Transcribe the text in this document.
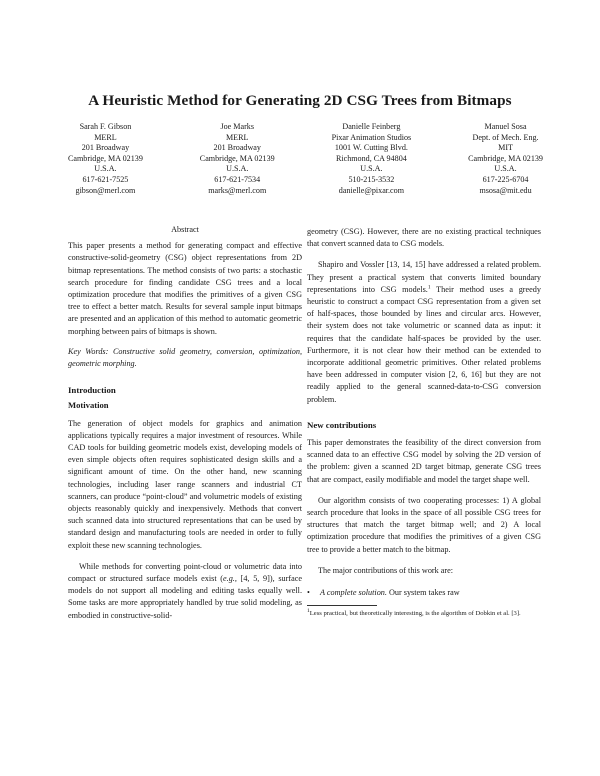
A Heuristic Method for Generating 2D CSG Trees from Bitmaps
Sarah F. Gibson
MERL
201 Broadway
Cambridge, MA 02139
U.S.A.
617-621-7525
gibson@merl.com
Joe Marks
MERL
201 Broadway
Cambridge, MA 02139
U.S.A.
617-621-7534
marks@merl.com
Danielle Feinberg
Pixar Animation Studios
1001 W. Cutting Blvd.
Richmond, CA 94804
U.S.A.
510-215-3532
danielle@pixar.com
Manuel Sosa
Dept. of Mech. Eng.
MIT
Cambridge, MA 02139
U.S.A.
617-225-6704
msosa@mit.edu
Abstract

This paper presents a method for generating compact and effective constructive-solid-geometry (CSG) object representations from 2D bitmap representations. The method consists of two parts: a stochastic search procedure for finding candidate CSG trees and a local optimization procedure that modifies the primitives of a given CSG tree to effect a better match. Results for several sample input bitmaps are presented and an application of this method to automatic geometric morphing between pairs of bitmaps is shown.

Key Words: Constructive solid geometry, conversion, optimization, geometric morphing.

Introduction
Motivation

The generation of object models for graphics and animation applications typically requires a major investment of resources. While CAD tools for building geometric models exist, developing models of even simple objects often requires sophisticated design skills and a significant amount of time. On the other hand, new scanning technologies, including laser range scanners and industrial CT scanners, can produce “point-cloud” and volumetric models of existing objects reasonably quickly and inexpensively. Methods that convert such scanned data into structured representations that can be used by standard design and manufacturing tools are needed in order to fully exploit these new scanning technologies.

While methods for converting point-cloud or volumetric data into compact or structured surface models exist (e.g., [4, 5, 9]), surface models do not support all modeling and editing tasks equally well. Some tasks are more appropriately handled by true solid modeling, as embodied in constructive-solid-

geometry (CSG). However, there are no existing practical techniques that convert scanned data to CSG models.

Shapiro and Vossler [13, 14, 15] have addressed a related problem. They present a practical system that converts limited boundary representations into CSG models.$^1$ Their method uses a greedy heuristic to construct a compact CSG representation from a given set of half-spaces, those bounded by lines and circular arcs. However, their system does not take volumetric or scanned data as input: it requires that the candidate half-spaces be provided by the user. Furthermore, it is not clear how their method can be extended to incorporate additional geometric primitives. Other related problems have been addressed in computer vision [2, 6, 16] but they are not readily applied to the general scanned-data-to-CSG conversion problem.

New contributions

This paper demonstrates the feasibility of the direct conversion from scanned data to an effective CSG model by solving the 2D version of the problem: given a scanned 2D target bitmap, generate CSG trees that are compact, easily modifiable and model the target shape well.

Our algorithm consists of two cooperating processes: 1) A global search procedure that looks in the space of all possible CSG trees for structures that match the target bitmap well; and 2) A local optimization procedure that modifies the primitives of a given CSG tree to provide a better match to the bitmap.

The major contributions of this work are:

•	A complete solution. Our system takes raw

$^1$Less practical, but theoretically interesting, is the algorithm of Dobkin et al. [3].
